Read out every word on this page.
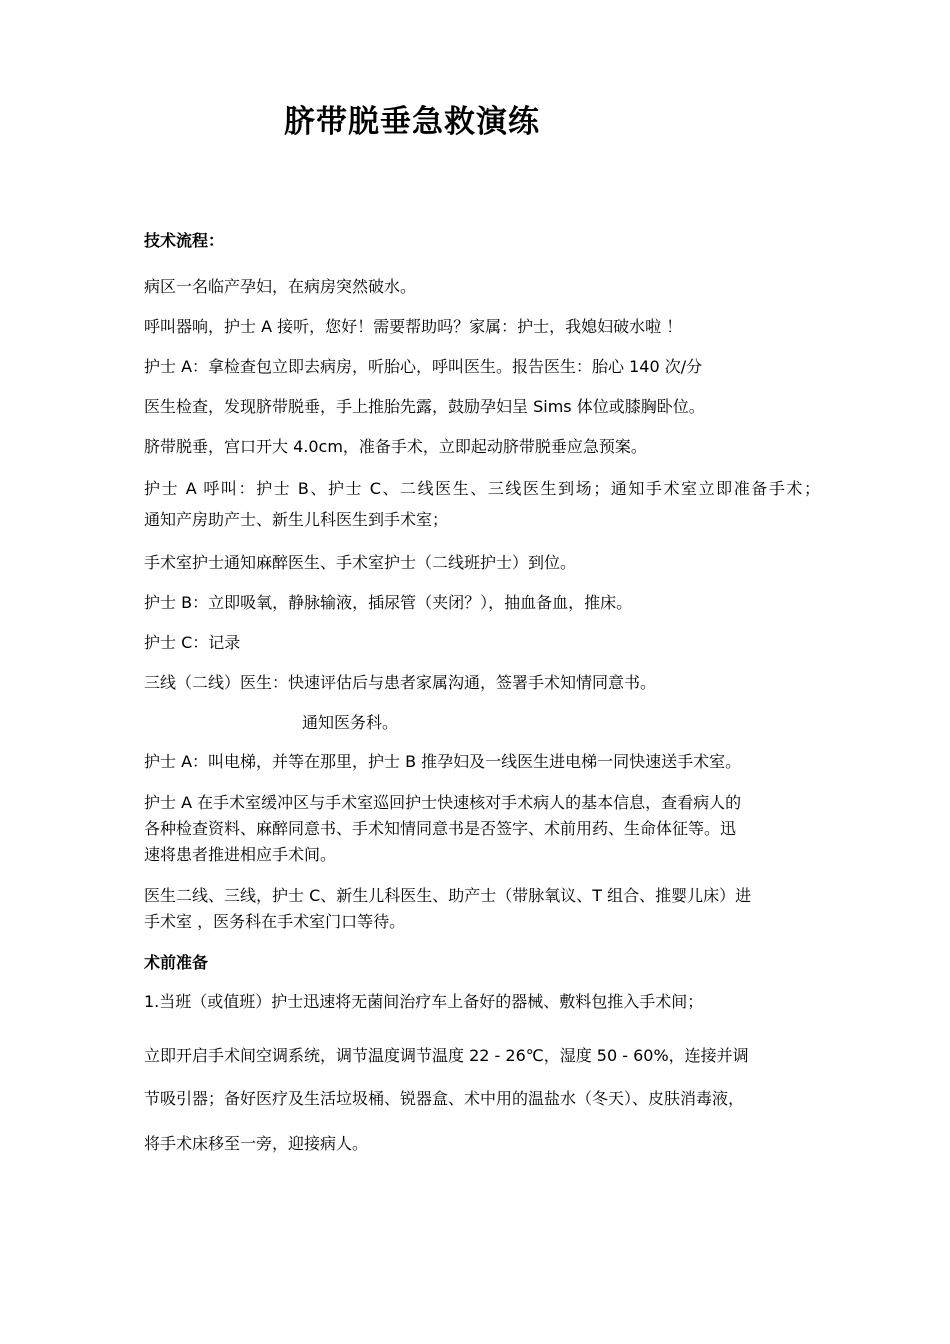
脐带脱垂急救演练
技术流程：
病区一名临产孕妇，在病房突然破水。
呼叫器响，护士 A 接听，您好！需要帮助吗？家属：护士，我媳妇破水啦 ！
护士 A：拿检查包立即去病房，听胎心，呼叫医生。报告医生：胎心 140 次/分
医生检查，发现脐带脱垂，手上推胎先露，鼓励孕妇呈 Sims 体位或膝胸卧位。
脐带脱垂，宫口开大 4.0cm，准备手术，立即起动脐带脱垂应急预案。
护士 A 呼叫：护士 B、护士 C、二线医生、三线医生到场；通知手术室立即准备手术；
通知产房助产士、新生儿科医生到手术室；
手术室护士通知麻醉医生、手术室护士（二线班护士）到位。
护士 B：立即吸氧，静脉输液，插尿管（夹闭？），抽血备血，推床。
护士 C：记录
三线（二线）医生：快速评估后与患者家属沟通，签署手术知情同意书。
通知医务科。
护士 A：叫电梯，并等在那里，护士 B 推孕妇及一线医生进电梯一同快速送手术室。
护士 A 在手术室缓冲区与手术室巡回护士快速核对手术病人的基本信息，查看病人的
各种检查资料、麻醉同意书、手术知情同意书是否签字、术前用药、生命体征等。迅
速将患者推进相应手术间。
医生二线、三线，护士 C、新生儿科医生、助产士（带脉氧议、T 组合、推婴儿床）进
手术室 ，医务科在手术室门口等待。
术前准备
1.当班（或值班）护士迅速将无菌间治疗车上备好的器械、敷料包推入手术间；
立即开启手术间空调系统，调节温度调节温度 22 - 26℃，湿度 50 - 60%，连接并调
节吸引器；备好医疗及生活垃圾桶、锐器盒、术中用的温盐水（冬天）、皮肤消毒液，
将手术床移至一旁，迎接病人。
